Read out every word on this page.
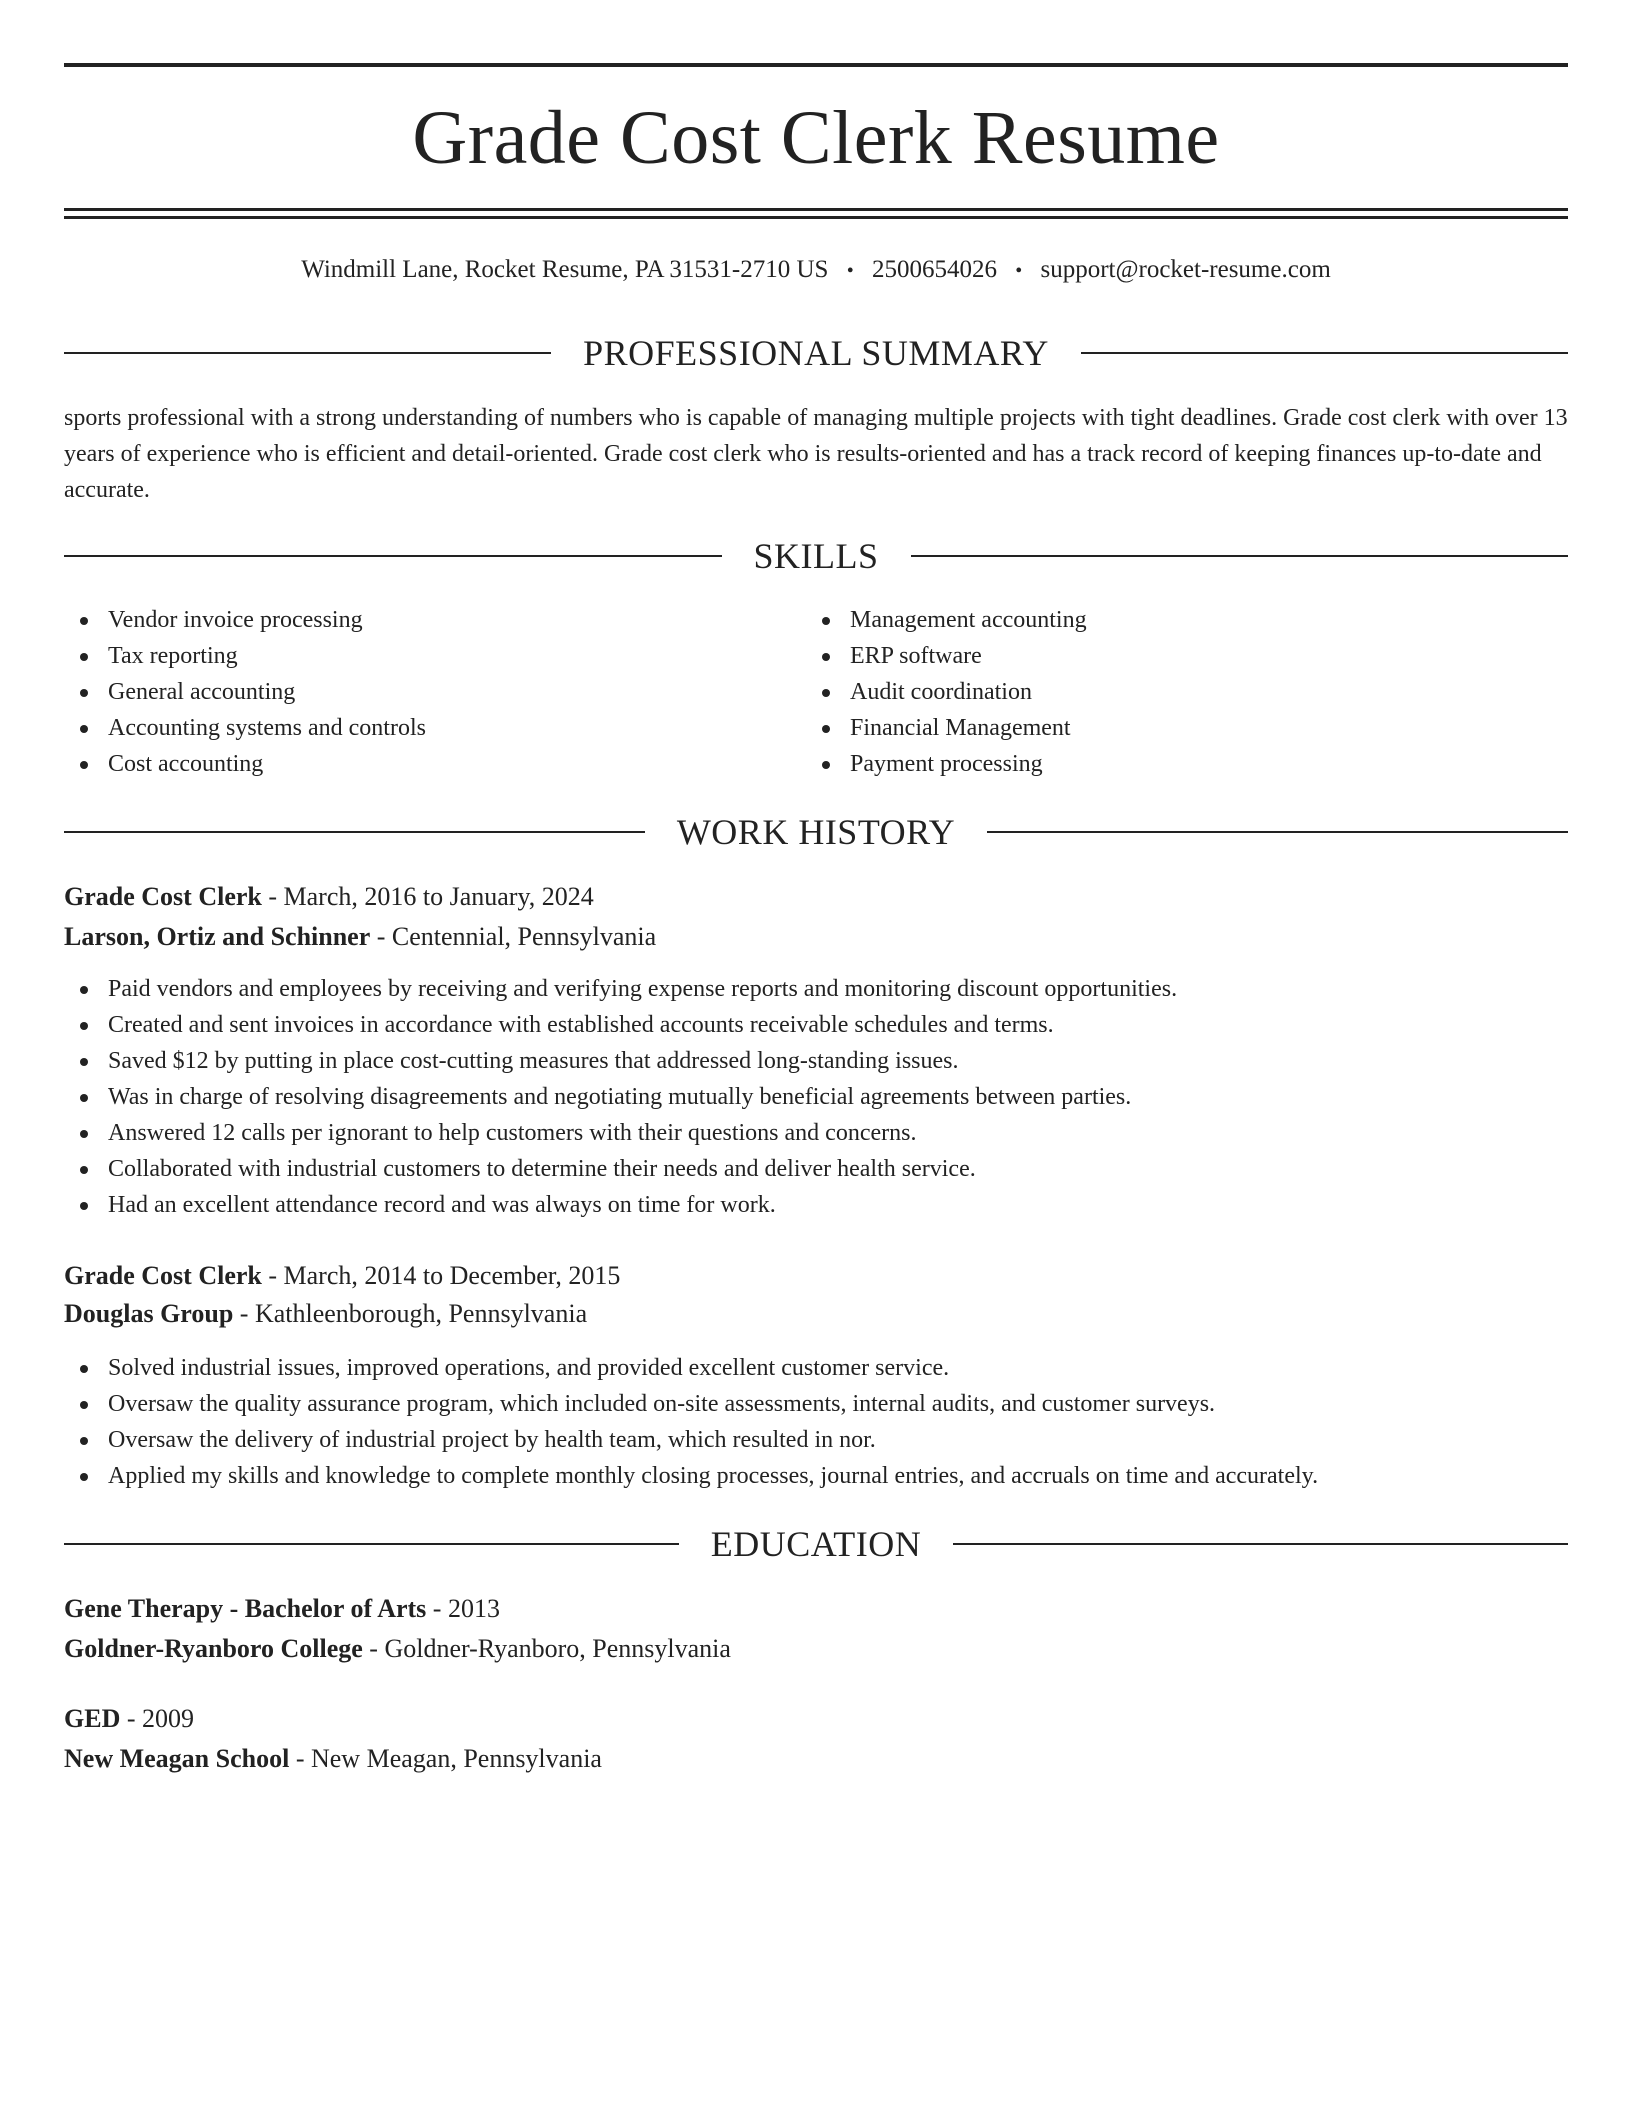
Grade Cost Clerk Resume
Windmill Lane, Rocket Resume, PA 31531-2710 US • 2500654026 • support@rocket-resume.com
PROFESSIONAL SUMMARY

sports professional with a strong understanding of numbers who is capable of managing multiple projects with tight deadlines. Grade cost clerk with over 13 years of experience who is efficient and detail-oriented. Grade cost clerk who is results-oriented and has a track record of keeping finances up-to-date and accurate.

SKILLS
Vendor invoice processing
Tax reporting
General accounting
Accounting systems and controls
Cost accounting
Management accounting
ERP software
Audit coordination
Financial Management
Payment processing
WORK HISTORY
Grade Cost Clerk - March, 2016 to January, 2024
Larson, Ortiz and Schinner - Centennial, Pennsylvania
Paid vendors and employees by receiving and verifying expense reports and monitoring discount opportunities.
Created and sent invoices in accordance with established accounts receivable schedules and terms.
Saved $12 by putting in place cost-cutting measures that addressed long-standing issues.
Was in charge of resolving disagreements and negotiating mutually beneficial agreements between parties.
Answered 12 calls per ignorant to help customers with their questions and concerns.
Collaborated with industrial customers to determine their needs and deliver health service.
Had an excellent attendance record and was always on time for work.
Grade Cost Clerk - March, 2014 to December, 2015
Douglas Group - Kathleenborough, Pennsylvania
Solved industrial issues, improved operations, and provided excellent customer service.
Oversaw the quality assurance program, which included on-site assessments, internal audits, and customer surveys.
Oversaw the delivery of industrial project by health team, which resulted in nor.
Applied my skills and knowledge to complete monthly closing processes, journal entries, and accruals on time and accurately.
EDUCATION
Gene Therapy - Bachelor of Arts - 2013
Goldner-Ryanboro College - Goldner-Ryanboro, Pennsylvania
GED - 2009
New Meagan School - New Meagan, Pennsylvania
